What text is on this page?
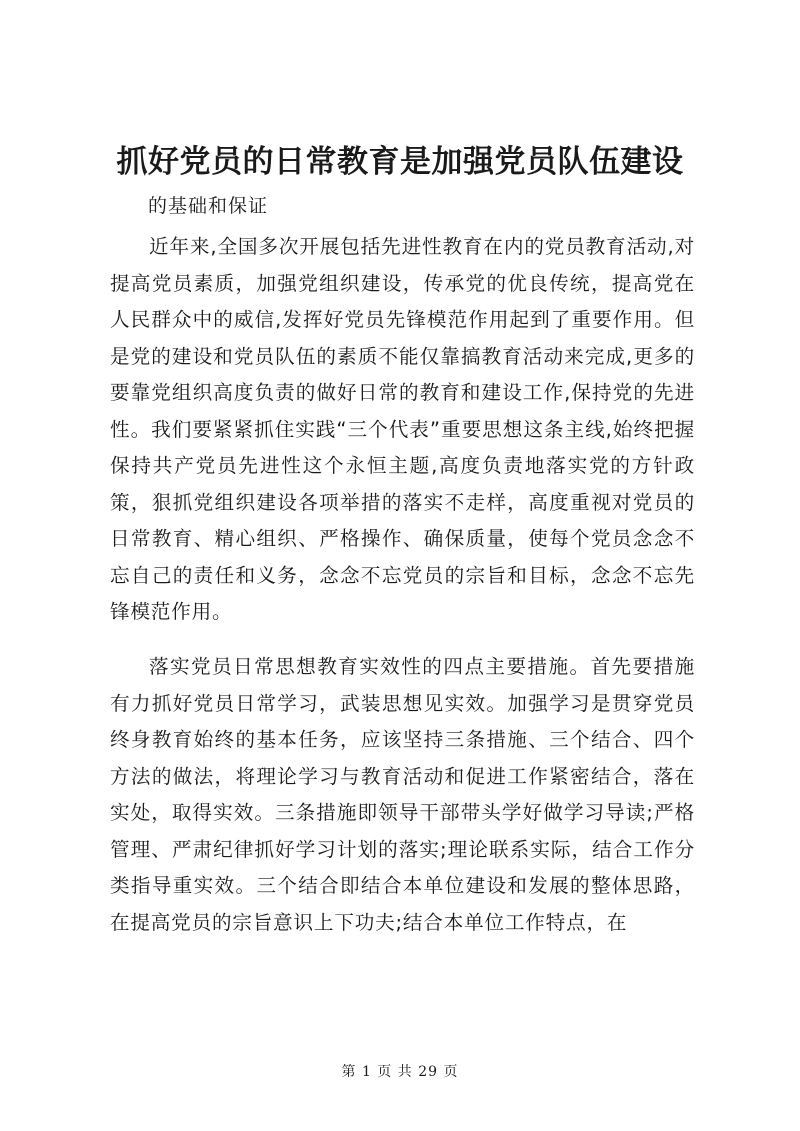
抓好党员的日常教育是加强党员队伍建设

的基础和保证

近年来,全国多次开展包括先进性教育在内的党员教育活动,对提高党员素质，加强党组织建设，传承党的优良传统，提高党在人民群众中的威信,发挥好党员先锋模范作用起到了重要作用。但是党的建设和党员队伍的素质不能仅靠搞教育活动来完成,更多的要靠党组织高度负责的做好日常的教育和建设工作,保持党的先进性。我们要紧紧抓住实践“三个代表”重要思想这条主线,始终把握保持共产党员先进性这个永恒主题,高度负责地落实党的方针政策，狠抓党组织建设各项举措的落实不走样，高度重视对党员的日常教育、精心组织、严格操作、确保质量，使每个党员念念不忘自己的责任和义务，念念不忘党员的宗旨和目标，念念不忘先锋模范作用。

落实党员日常思想教育实效性的四点主要措施。首先要措施有力抓好党员日常学习，武装思想见实效。加强学习是贯穿党员终身教育始终的基本任务，应该坚持三条措施、三个结合、四个方法的做法，将理论学习与教育活动和促进工作紧密结合，落在实处，取得实效。三条措施即领导干部带头学好做学习导读;严格管理、严肃纪律抓好学习计划的落实;理论联系实际，结合工作分类指导重实效。三个结合即结合本单位建设和发展的整体思路，在提高党员的宗旨意识上下功夫;结合本单位工作特点，在

第 1 页 共 29 页
